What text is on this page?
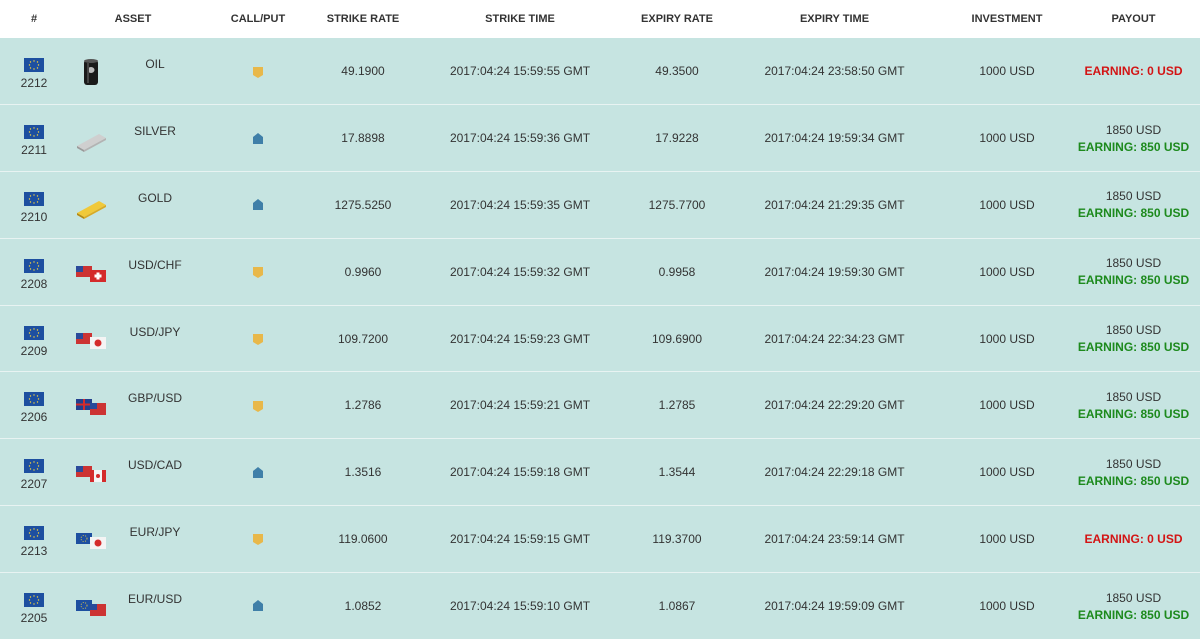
#	ASSET	CALL/PUT	STRIKE RATE	STRIKE TIME	EXPIRY RATE	EXPIRY TIME	INVESTMENT	PAYOUT

2212	OIL		49.1900	2017:04:24 15:59:55 GMT	49.3500	2017:04:24 23:58:50 GMT	1000 USD	EARNING: 0 USD

2211	SILVER		17.8898	2017:04:24 15:59:36 GMT	17.9228	2017:04:24 19:59:34 GMT	1000 USD	1850 USD
EARNING: 850 USD

2210	GOLD		1275.5250	2017:04:24 15:59:35 GMT	1275.7700	2017:04:24 21:29:35 GMT	1000 USD	1850 USD
EARNING: 850 USD

2208	USD/CHF		0.9960	2017:04:24 15:59:32 GMT	0.9958	2017:04:24 19:59:30 GMT	1000 USD	1850 USD
EARNING: 850 USD

2209	USD/JPY		109.7200	2017:04:24 15:59:23 GMT	109.6900	2017:04:24 22:34:23 GMT	1000 USD	1850 USD
EARNING: 850 USD

2206	GBP/USD		1.2786	2017:04:24 15:59:21 GMT	1.2785	2017:04:24 22:29:20 GMT	1000 USD	1850 USD
EARNING: 850 USD

2207	USD/CAD		1.3516	2017:04:24 15:59:18 GMT	1.3544	2017:04:24 22:29:18 GMT	1000 USD	1850 USD
EARNING: 850 USD

2213	EUR/JPY		119.0600	2017:04:24 15:59:15 GMT	119.3700	2017:04:24 23:59:14 GMT	1000 USD	EARNING: 0 USD

2205	EUR/USD		1.0852	2017:04:24 15:59:10 GMT	1.0867	2017:04:24 19:59:09 GMT	1000 USD	1850 USD
EARNING: 850 USD
